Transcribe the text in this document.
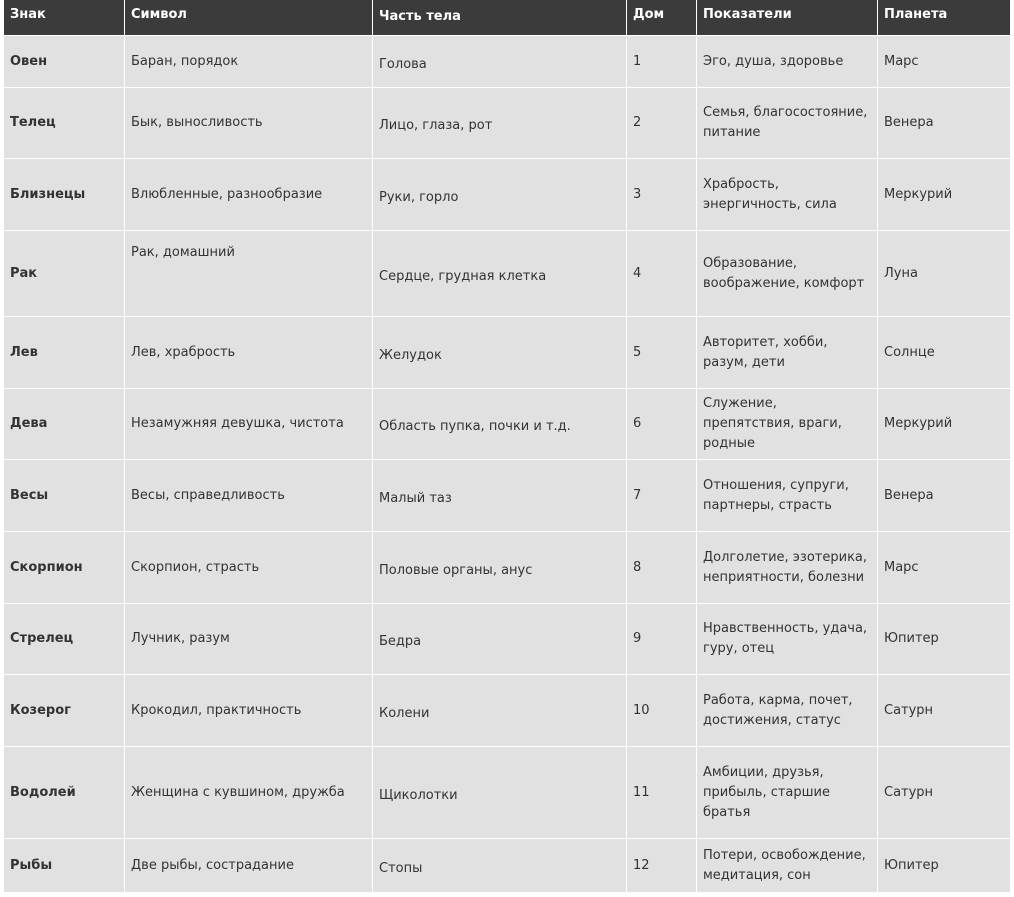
Знак	Символ	Часть тела	Дом	Показатели	Планета
Овен	Баран, порядок	Голова	1	Эго, душа, здоровье	Марс
Телец	Бык, выносливость	Лицо, глаза, рот	2	Семья, благосостояние, питание	Венера
Близнецы	Влюбленные, разнообразие	Руки, горло	3	Храбрость, энергичность, сила	Меркурий
Рак	Рак, домашний	Сердце, грудная клетка	4	Образование, воображение, комфорт	Луна
Лев	Лев, храбрость	Желудок	5	Авторитет, хобби, разум, дети	Солнце
Дева	Незамужняя девушка, чистота	Область пупка, почки и т.д.	6	Служение, препятствия, враги, родные	Меркурий
Весы	Весы, справедливость	Малый таз	7	Отношения, супруги, партнеры, страсть	Венера
Скорпион	Скорпион, страсть	Половые органы, анус	8	Долголетие, эзотерика, неприятности, болезни	Марс
Стрелец	Лучник, разум	Бедра	9	Нравственность, удача, гуру, отец	Юпитер
Козерог	Крокодил, практичность	Колени	10	Работа, карма, почет, достижения, статус	Сатурн
Водолей	Женщина с кувшином, дружба	Щиколотки	11	Амбиции, друзья, прибыль, старшие братья	Сатурн
Рыбы	Две рыбы, сострадание	Стопы	12	Потери, освобождение, медитация, сон	Юпитер
